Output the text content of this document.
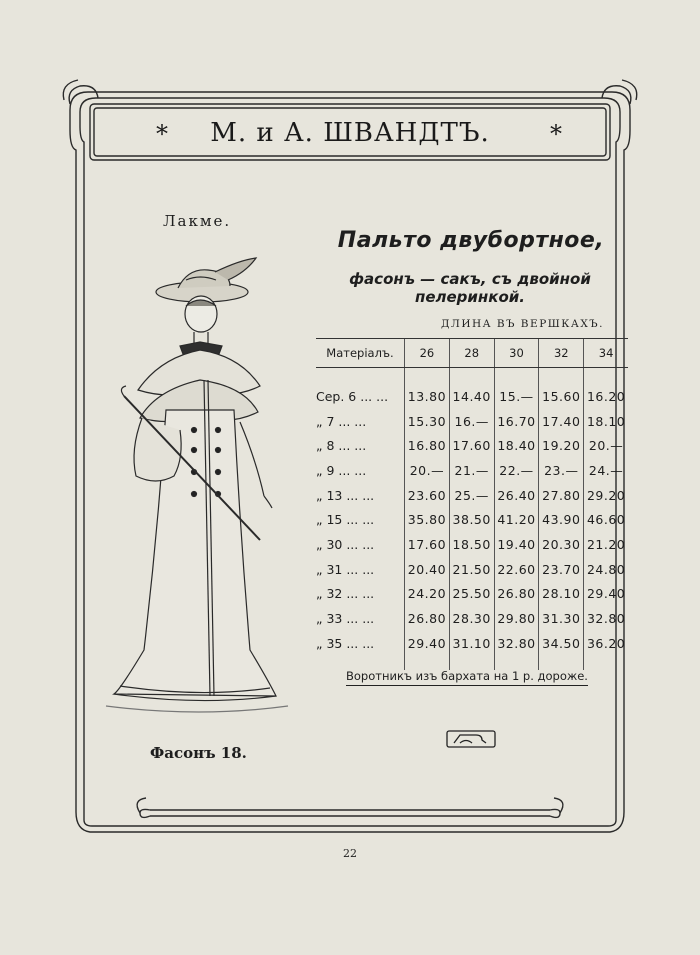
*	М. и А. ШВАНДТЪ.	*
Лакме.
Фасонъ 18.
Пальто двубортное,
фасонъ — сакъ, съ двойной пелеринкой.
ДЛИНА ВЪ ВЕРШКАХЪ.
Матеріалъ.	26	28	30	32	34

Сер. 6 ... ...	13.80	14.40	15.—	15.60	16.20
„ 7 ... ...	15.30	16.—	16.70	17.40	18.10
„ 8 ... ...	16.80	17.60	18.40	19.20	20.—
„ 9 ... ...	20.—	21.—	22.—	23.—	24.—
„ 13 ... ...	23.60	25.—	26.40	27.80	29.20
„ 15 ... ...	35.80	38.50	41.20	43.90	46.60
„ 30 ... ...	17.60	18.50	19.40	20.30	21.20
„ 31 ... ...	20.40	21.50	22.60	23.70	24.80
„ 32 ... ...	24.20	25.50	26.80	28.10	29.40
„ 33 ... ...	26.80	28.30	29.80	31.30	32.80
„ 35 ... ...	29.40	31.10	32.80	34.50	36.20

Воротникъ изъ бархата на 1 р. дороже.
22
